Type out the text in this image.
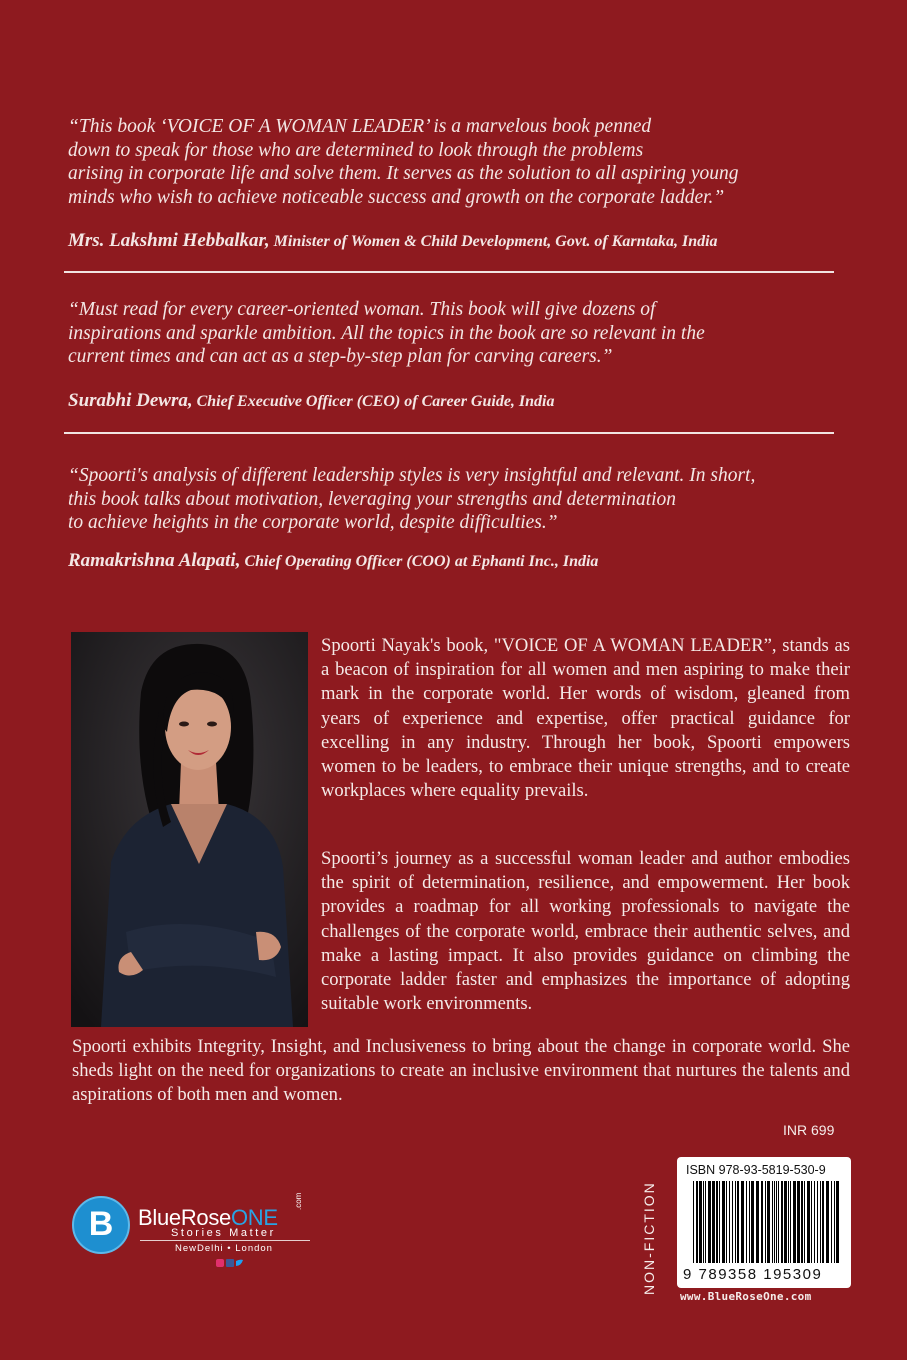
“This book ‘VOICE OF A WOMAN LEADER’ is a marvelous book penned
down to speak for those who are determined to look through the problems
arising in corporate life and solve them. It serves as the solution to all aspiring young
minds who wish to achieve noticeable success and growth on the corporate ladder.”

Mrs. Lakshmi Hebbalkar, Minister of Women & Child Development, Govt. of Karntaka, India

“Must read for every career-oriented woman. This book will give dozens of
inspirations and sparkle ambition. All the topics in the book are so relevant in the
current times and can act as a step-by-step plan for carving careers.”

Surabhi Dewra, Chief Executive Officer (CEO) of Career Guide, India

“Spoorti's analysis of different leadership styles is very insightful and relevant. In short,
this book talks about motivation, leveraging your strengths and determination
to achieve heights in the corporate world, despite difficulties.”

Ramakrishna Alapati, Chief Operating Officer (COO) at Ephanti Inc., India

Spoorti Nayak's book, "VOICE OF A WOMAN LEADER”, stands as a beacon of inspiration for all women and men aspiring to make their mark in the corporate world. Her words of wisdom, gleaned from years of experience and expertise, offer practical guidance for excelling in any industry. Through her book, Spoorti empowers women to be leaders, to embrace their unique strengths, and to create workplaces where equality prevails.

Spoorti’s journey as a successful woman leader and author embodies the spirit of determination, resilience, and empowerment. Her book provides a roadmap for all working professionals to navigate the challenges of the corporate world, embrace their authentic selves, and make a lasting impact. It also provides guidance on climbing the corporate ladder faster and emphasizes the importance of adopting suitable work environments.

Spoorti exhibits Integrity, Insight, and Inclusiveness to bring about the change in corporate world. She sheds light on the need for organizations to create an inclusive environment that nurtures the talents and aspirations of both men and women.

INR 699
NON-FICTION
ISBN 978-93-5819-530-9
9 789358 195309
www.BlueRoseOne.com
B	BlueRoseONE
.com
Stories Matter
NewDelhi • London
